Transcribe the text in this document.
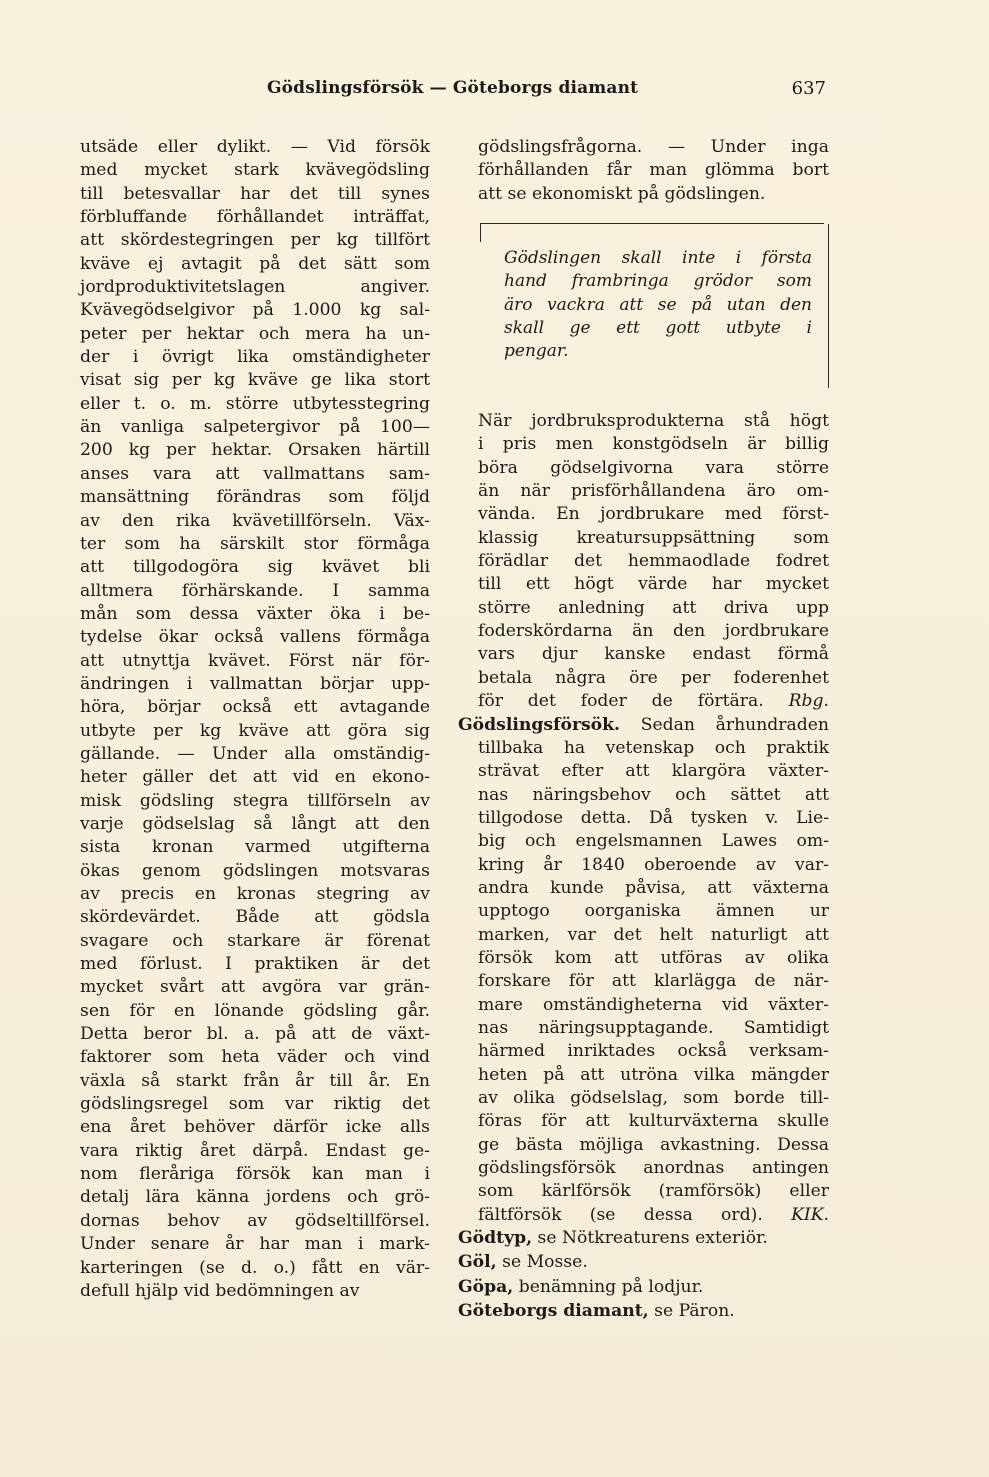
Gödslingsförsök — Göteborgs diamant	637
utsäde eller dylikt. — Vid försök
med mycket stark kvävegödsling
till betesvallar har det till synes
förbluffande förhållandet inträffat,
att skördestegringen per kg tillfört
kväve ej avtagit på det sätt som
jordproduktivitetslagen angiver.
Kvävegödselgivor på 1.000 kg sal-
peter per hektar och mera ha un-
der i övrigt lika omständigheter
visat sig per kg kväve ge lika stort
eller t. o. m. större utbytesstegring
än vanliga salpetergivor på 100—
200 kg per hektar. Orsaken härtill
anses vara att vallmattans sam-
mansättning förändras som följd
av den rika kvävetillförseln. Väx-
ter som ha särskilt stor förmåga
att tillgodogöra sig kvävet bli
alltmera förhärskande. I samma
mån som dessa växter öka i be-
tydelse ökar också vallens förmåga
att utnyttja kvävet. Först när för-
ändringen i vallmattan börjar upp-
höra, börjar också ett avtagande
utbyte per kg kväve att göra sig
gällande. — Under alla omständig-
heter gäller det att vid en ekono-
misk gödsling stegra tillförseln av
varje gödselslag så långt att den
sista kronan varmed utgifterna
ökas genom gödslingen motsvaras
av precis en kronas stegring av
skördevärdet. Både att gödsla
svagare och starkare är förenat
med förlust. I praktiken är det
mycket svårt att avgöra var grän-
sen för en lönande gödsling går.
Detta beror bl. a. på att de växt-
faktorer som heta väder och vind
växla så starkt från år till år. En
gödslingsregel som var riktig det
ena året behöver därför icke alls
vara riktig året därpå. Endast ge-
nom fleråriga försök kan man i
detalj lära känna jordens och grö-
dornas behov av gödseltillförsel.
Under senare år har man i mark-
karteringen (se d. o.) fått en vär-
defull hjälp vid bedömningen av
gödslingsfrågorna. — Under inga
förhållanden får man glömma bort
att se ekonomiskt på gödslingen.
Gödslingen skall inte i första
hand frambringa grödor som
äro vackra att se på utan den
skall ge ett gott utbyte i
pengar.
När jordbruksprodukterna stå högt
i pris men konstgödseln är billig
böra gödselgivorna vara större
än när prisförhållandena äro om-
vända. En jordbrukare med först-
klassig kreatursuppsättning som
förädlar det hemmaodlade fodret
till ett högt värde har mycket
större anledning att driva upp
foderskördarna än den jordbrukare
vars djur kanske endast förmå
betala några öre per foderenhet
för det foder de förtära. Rbg.
Gödslingsförsök. Sedan århundraden
tillbaka ha vetenskap och praktik
strävat efter att klargöra växter-
nas näringsbehov och sättet att
tillgodose detta. Då tysken v. Lie-
big och engelsmannen Lawes om-
kring år 1840 oberoende av var-
andra kunde påvisa, att växterna
upptogo oorganiska ämnen ur
marken, var det helt naturligt att
försök kom att utföras av olika
forskare för att klarlägga de när-
mare omständigheterna vid växter-
nas näringsupptagande. Samtidigt
härmed inriktades också verksam-
heten på att utröna vilka mängder
av olika gödselslag, som borde till-
föras för att kulturväxterna skulle
ge bästa möjliga avkastning. Dessa
gödslingsförsök anordnas antingen
som kärlförsök (ramförsök) eller
fältförsök (se dessa ord). KIK.
Gödtyp, se Nötkreaturens exteriör.
Göl, se Mosse.
Göpa, benämning på lodjur.
Göteborgs diamant, se Päron.
